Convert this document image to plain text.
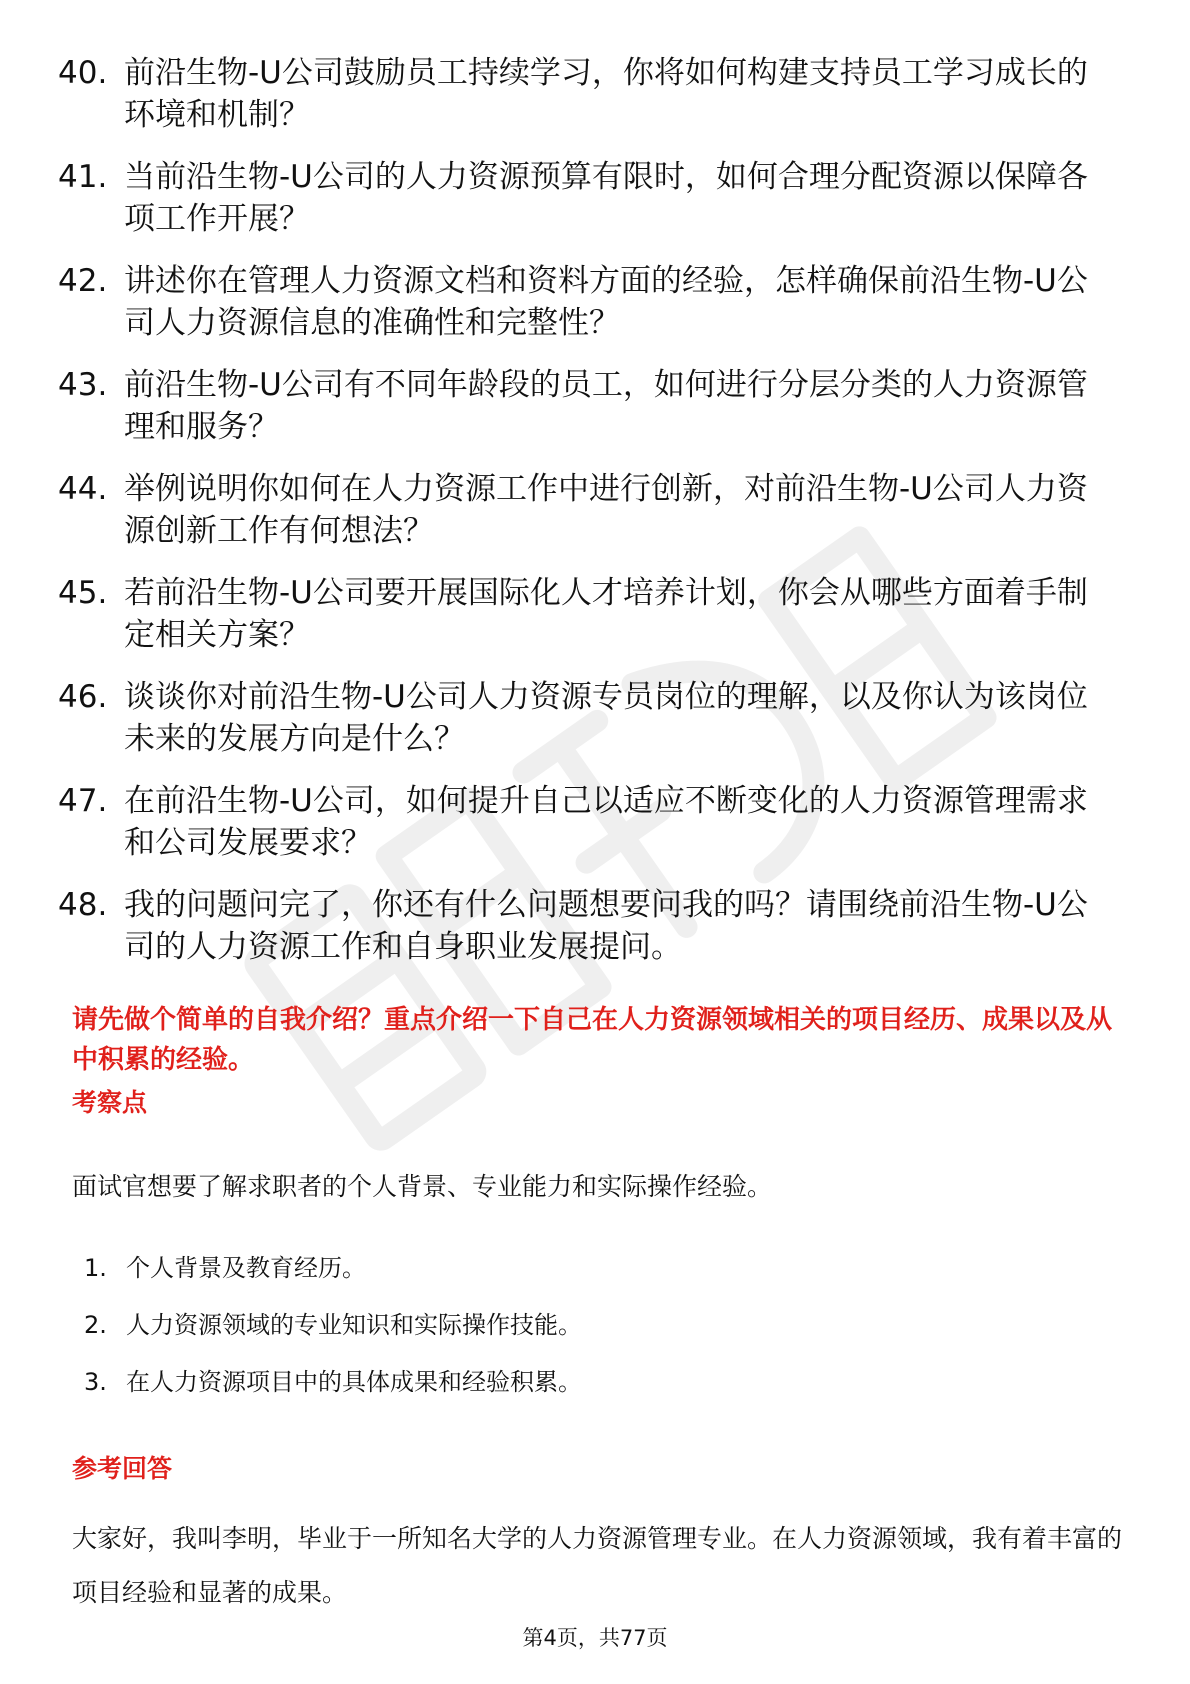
40. 前沿生物-U公司鼓励员工持续学习，你将如何构建支持员工学习成长的环境和机制？
41. 当前沿生物-U公司的人力资源预算有限时，如何合理分配资源以保障各项工作开展？
42. 讲述你在管理人力资源文档和资料方面的经验，怎样确保前沿生物-U公司人力资源信息的准确性和完整性？
43. 前沿生物-U公司有不同年龄段的员工，如何进行分层分类的人力资源管理和服务？
44. 举例说明你如何在人力资源工作中进行创新，对前沿生物-U公司人力资源创新工作有何想法？
45. 若前沿生物-U公司要开展国际化人才培养计划，你会从哪些方面着手制定相关方案？
46. 谈谈你对前沿生物-U公司人力资源专员岗位的理解，以及你认为该岗位未来的发展方向是什么？
47. 在前沿生物-U公司，如何提升自己以适应不断变化的人力资源管理需求和公司发展要求？
48. 我的问题问完了，你还有什么问题想要问我的吗？请围绕前沿生物-U公司的人力资源工作和自身职业发展提问。
请先做个简单的自我介绍？重点介绍一下自己在人力资源领域相关的项目经历、成果以及从中积累的经验。
考察点
面试官想要了解求职者的个人背景、专业能力和实际操作经验。
1. 个人背景及教育经历。
2. 人力资源领域的专业知识和实际操作技能。
3. 在人力资源项目中的具体成果和经验积累。
参考回答
大家好，我叫李明，毕业于一所知名大学的人力资源管理专业。在人力资源领域，我有着丰富的项目经验和显著的成果。
第4页，共77页
